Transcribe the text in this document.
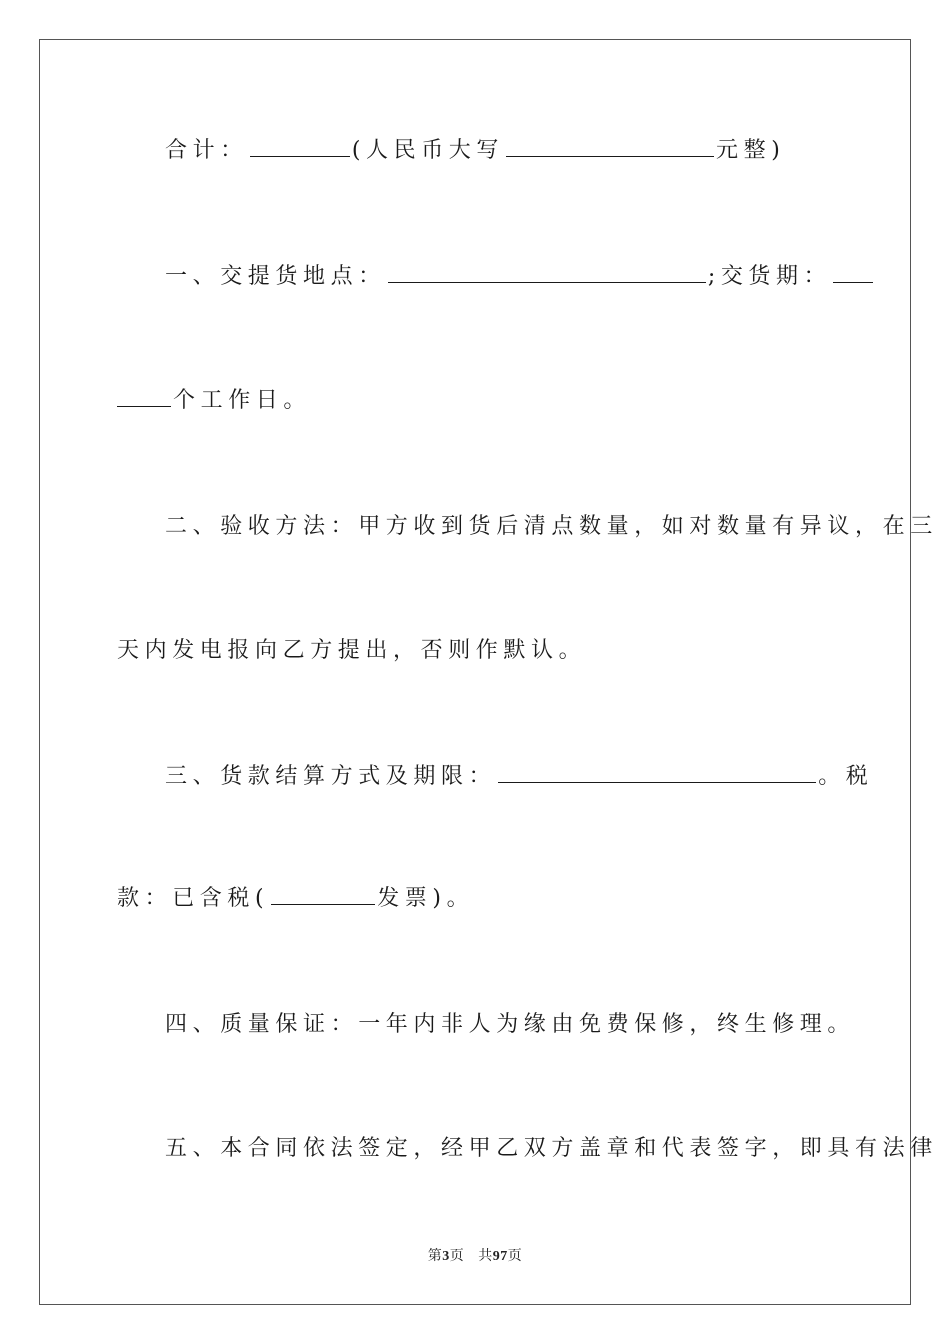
合计：	(人民币大写	元整)
一、交提货地点：	;交货期：
个工作日。
二、验收方法：甲方收到货后清点数量，如对数量有异议，在三
天内发电报向乙方提出，否则作默认。
三、货款结算方式及期限：	。税
款：已含税(	发票)。
四、质量保证：一年内非人为缘由免费保修，终生修理。
五、本合同依法签定，经甲乙双方盖章和代表签字，即具有法律
第3页 共97页
